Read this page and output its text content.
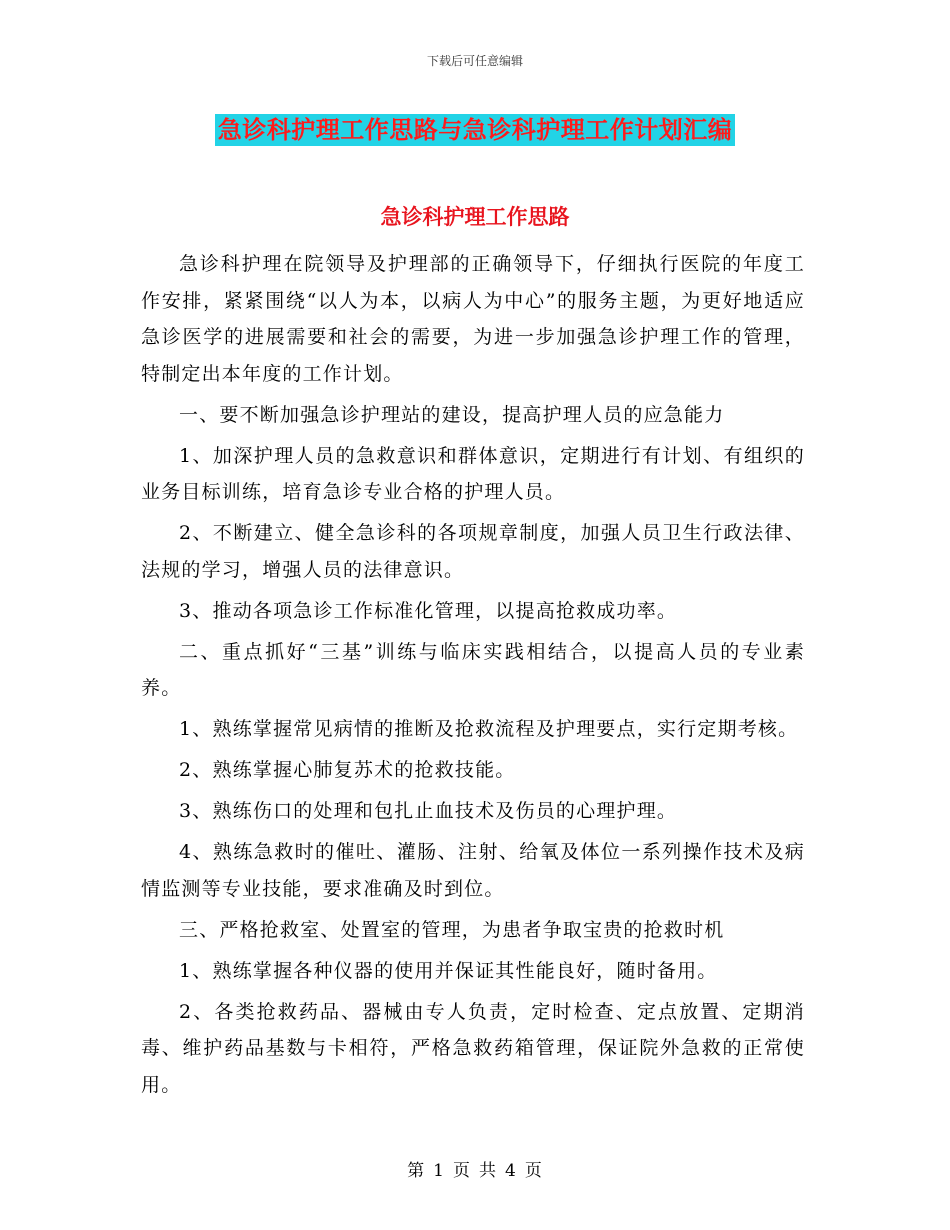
下载后可任意编辑
急诊科护理工作思路与急诊科护理工作计划汇编
急诊科护理工作思路

急诊科护理在院领导及护理部的正确领导下，仔细执行医院的年度工作安排，紧紧围绕“以人为本，以病人为中心”的服务主题，为更好地适应急诊医学的进展需要和社会的需要，为进一步加强急诊护理工作的管理，特制定出本年度的工作计划。

一、要不断加强急诊护理站的建设，提高护理人员的应急能力

1、加深护理人员的急救意识和群体意识，定期进行有计划、有组织的业务目标训练，培育急诊专业合格的护理人员。

2、不断建立、健全急诊科的各项规章制度，加强人员卫生行政法律、法规的学习，增强人员的法律意识。

3、推动各项急诊工作标准化管理，以提高抢救成功率。

二、重点抓好“三基”训练与临床实践相结合，以提高人员的专业素养。

1、熟练掌握常见病情的推断及抢救流程及护理要点，实行定期考核。

2、熟练掌握心肺复苏术的抢救技能。

3、熟练伤口的处理和包扎止血技术及伤员的心理护理。

4、熟练急救时的催吐、灌肠、注射、给氧及体位一系列操作技术及病情监测等专业技能，要求准确及时到位。

三、严格抢救室、处置室的管理，为患者争取宝贵的抢救时机

1、熟练掌握各种仪器的使用并保证其性能良好，随时备用。

2、各类抢救药品、器械由专人负责，定时检查、定点放置、定期消毒、维护药品基数与卡相符，严格急救药箱管理，保证院外急救的正常使用。

第 1 页 共 4 页
